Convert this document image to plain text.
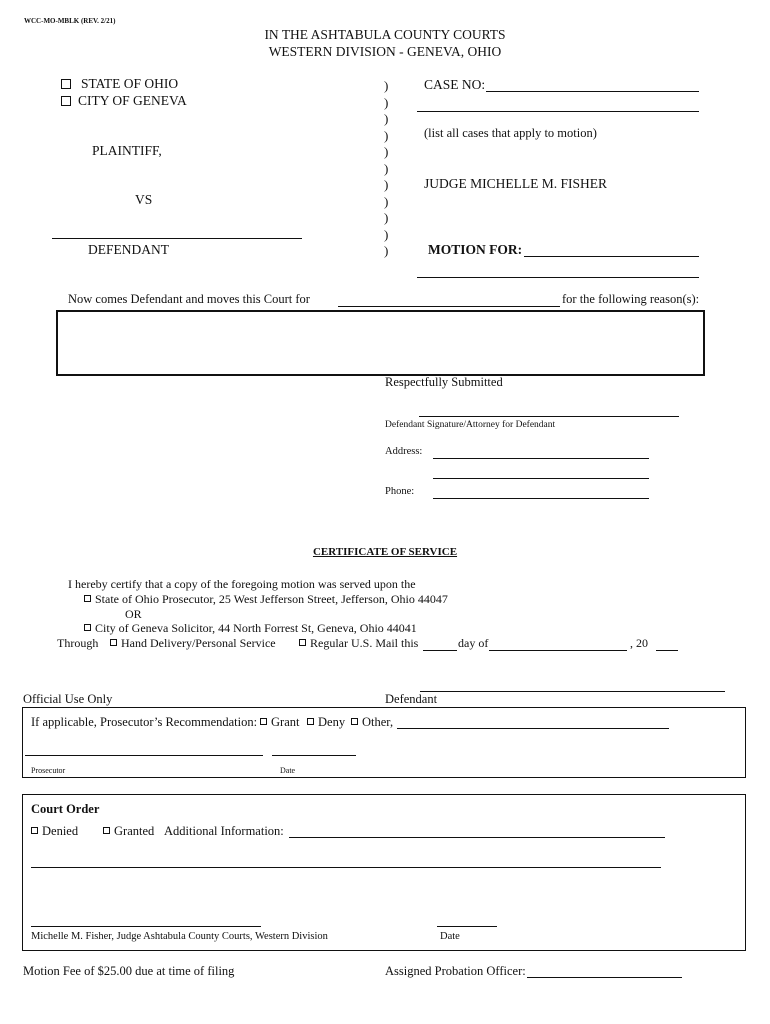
WCC-MO-MBLK (REV. 2/21)
IN THE ASHTABULA COUNTY COURTS
WESTERN DIVISION - GENEVA, OHIO
STATE OF OHIO
CITY OF GENEVA
PLAINTIFF,
VS
DEFENDANT
)
)
)
)
)
)
)
)
)
)
)
CASE NO:
(list all cases that apply to motion)
JUDGE MICHELLE M. FISHER
MOTION FOR:
Now comes Defendant and moves this Court for	for the following reason(s):
Respectfully Submitted
Defendant Signature/Attorney for Defendant
Address:
Phone:
CERTIFICATE OF SERVICE
I hereby certify that a copy of the foregoing motion was served upon the
State of Ohio Prosecutor, 25 West Jefferson Street, Jefferson, Ohio 44047
OR
City of Geneva Solicitor, 44 North Forrest St, Geneva, Ohio 44041
Through	Hand Delivery/Personal Service	Regular U.S. Mail this	day of	, 20
Official Use Only	Defendant
If applicable, Prosecutor’s Recommendation:	Grant	Deny	Other,
Prosecutor	Date
Court Order
Denied	Granted Additional Information:
Michelle M. Fisher, Judge Ashtabula County Courts, Western Division	Date
Motion Fee of $25.00 due at time of filing	Assigned Probation Officer:
